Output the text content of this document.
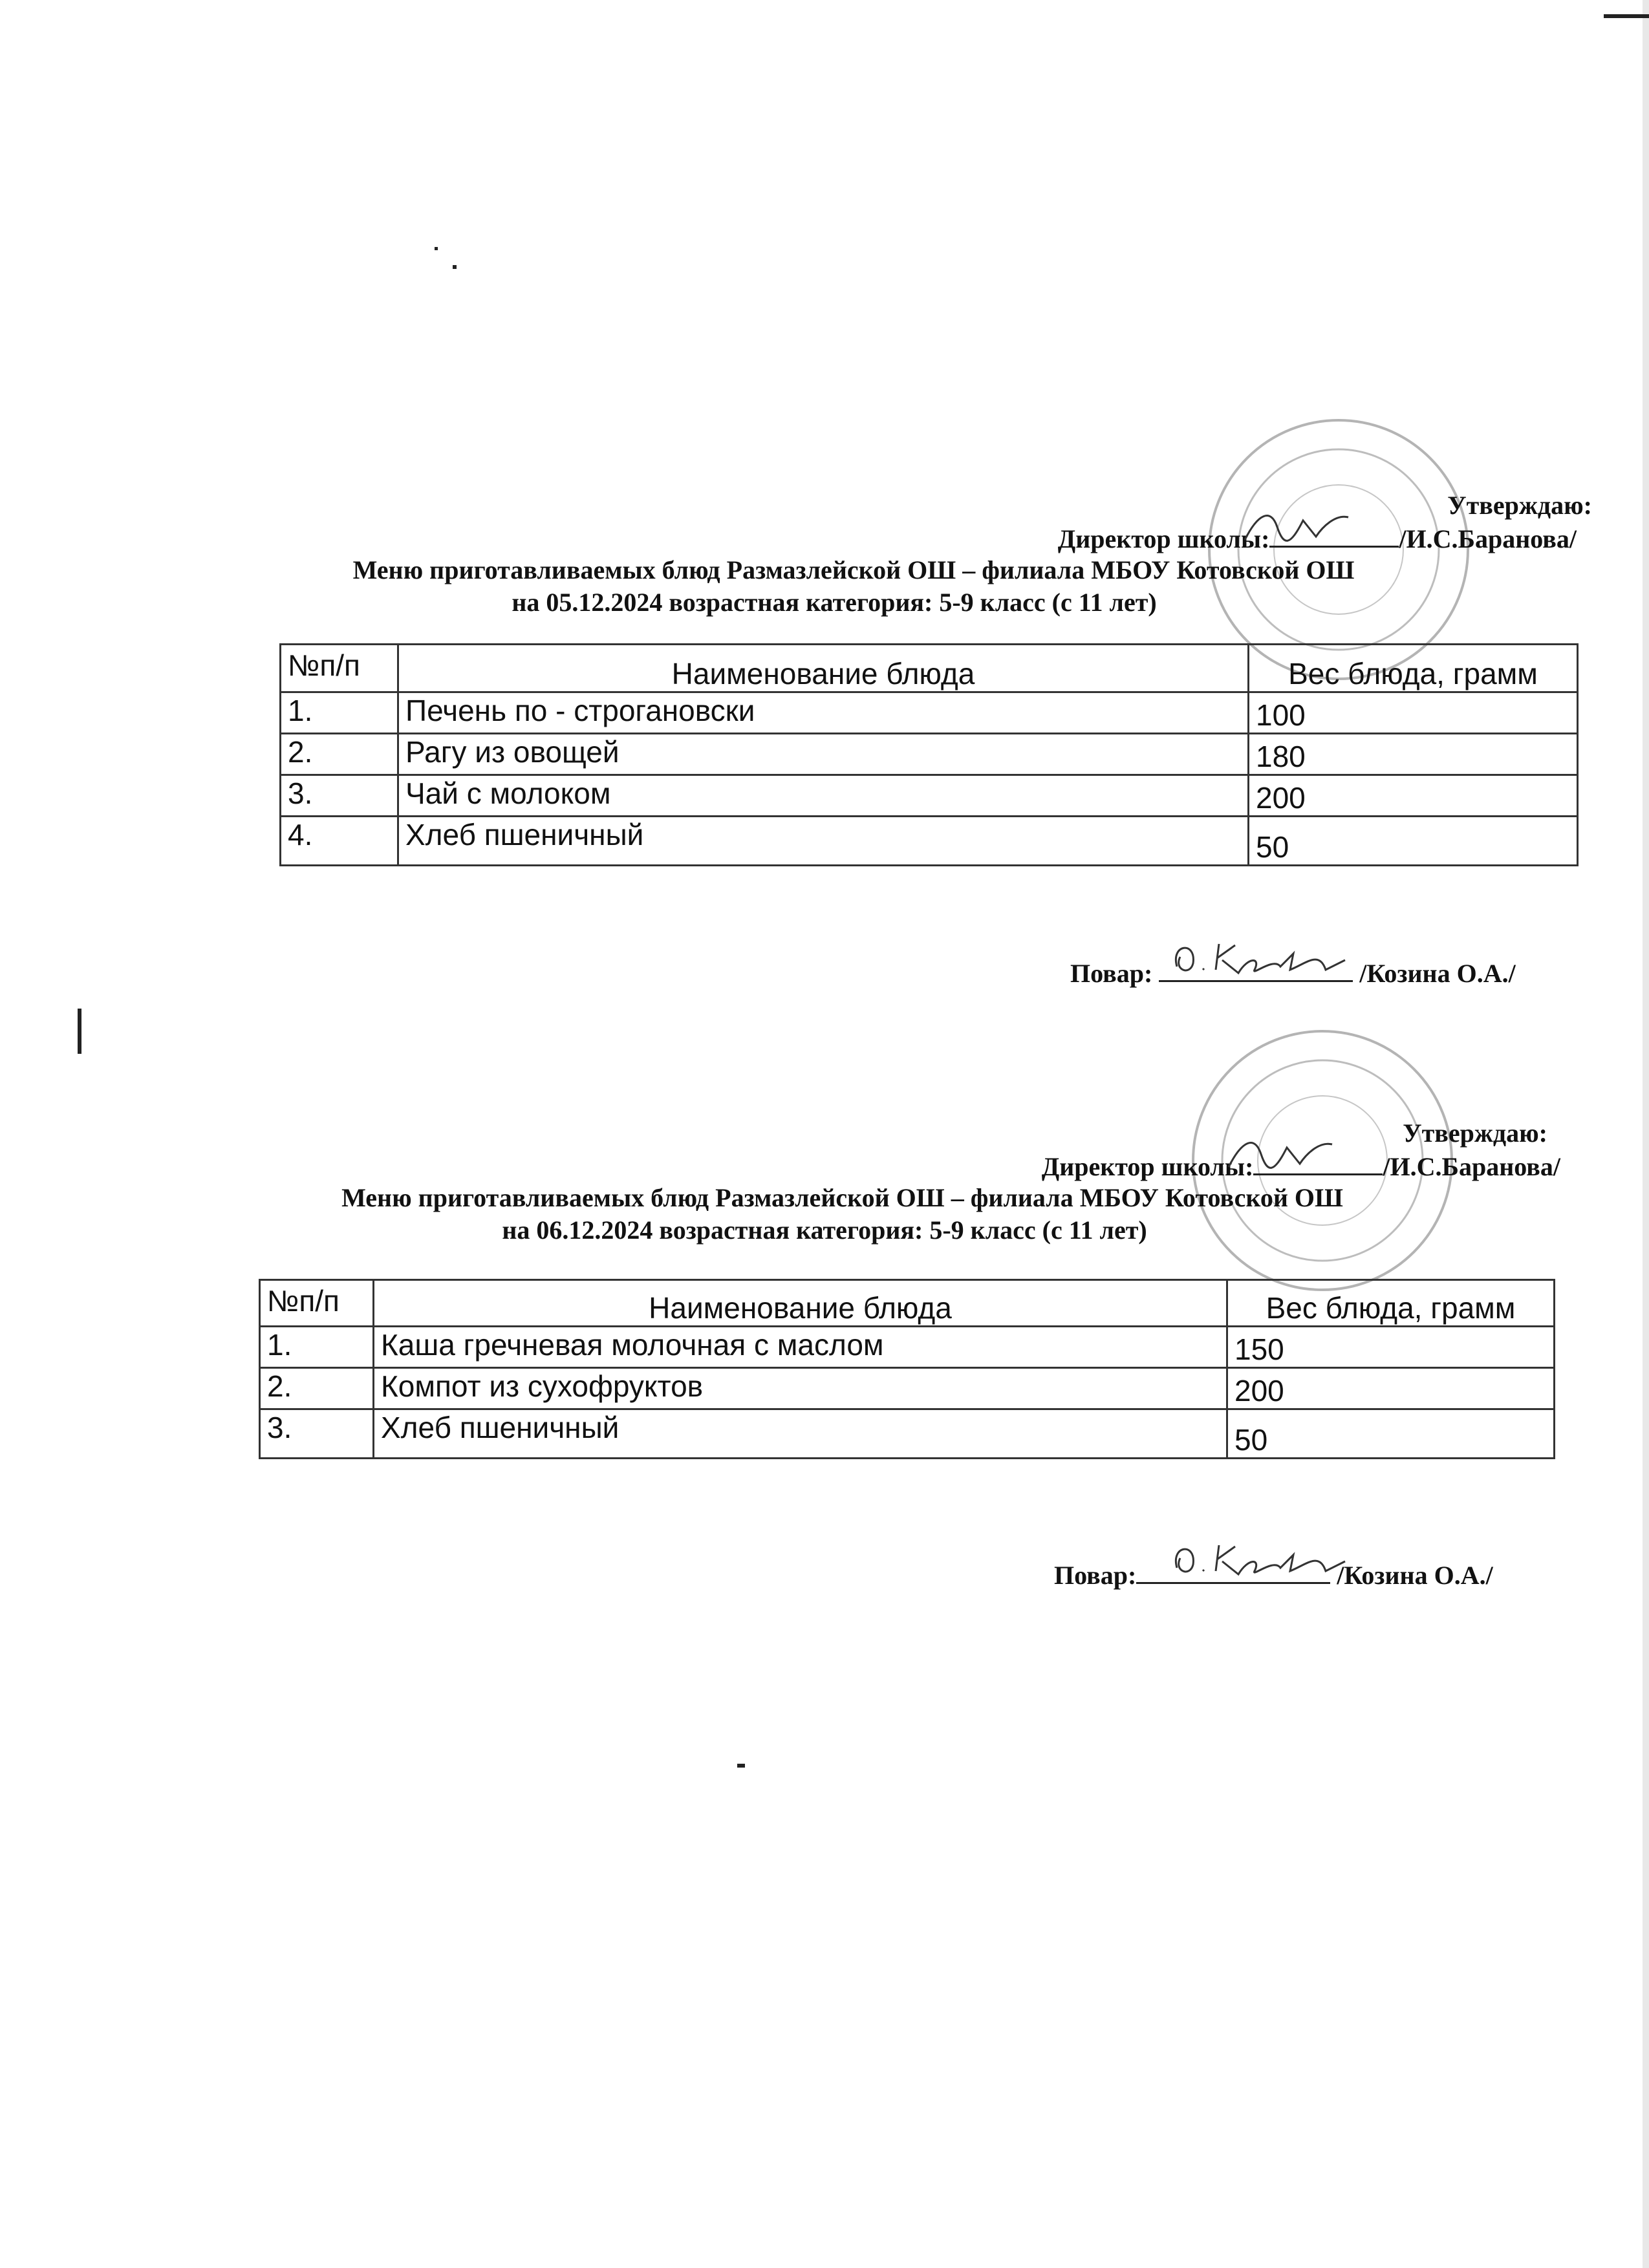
Утверждаю:
Директор школы:	/И.С.Баранова/
Меню приготавливаемых блюд Размазлейской ОШ – филиала МБОУ Котовской ОШ
на 05.12.2024 возрастная категория: 5-9 класс (с 11 лет)
№п/п	Наименование блюда	Вес блюда, грамм
1.	Печень по - строгановски	100
2.	Рагу из овощей	180
3.	Чай с молоком	200
4.	Хлеб пшеничный	50
Повар:	/Козина О.А./
Утверждаю:
Директор школы:	/И.С.Баранова/
Меню приготавливаемых блюд Размазлейской ОШ – филиала МБОУ Котовской ОШ
на 06.12.2024 возрастная категория: 5-9 класс (с 11 лет)
№п/п	Наименование блюда	Вес блюда, грамм
1.	Каша гречневая молочная с маслом	150
2.	Компот из сухофруктов	200
3.	Хлеб пшеничный	50
Повар:	/Козина О.А./
